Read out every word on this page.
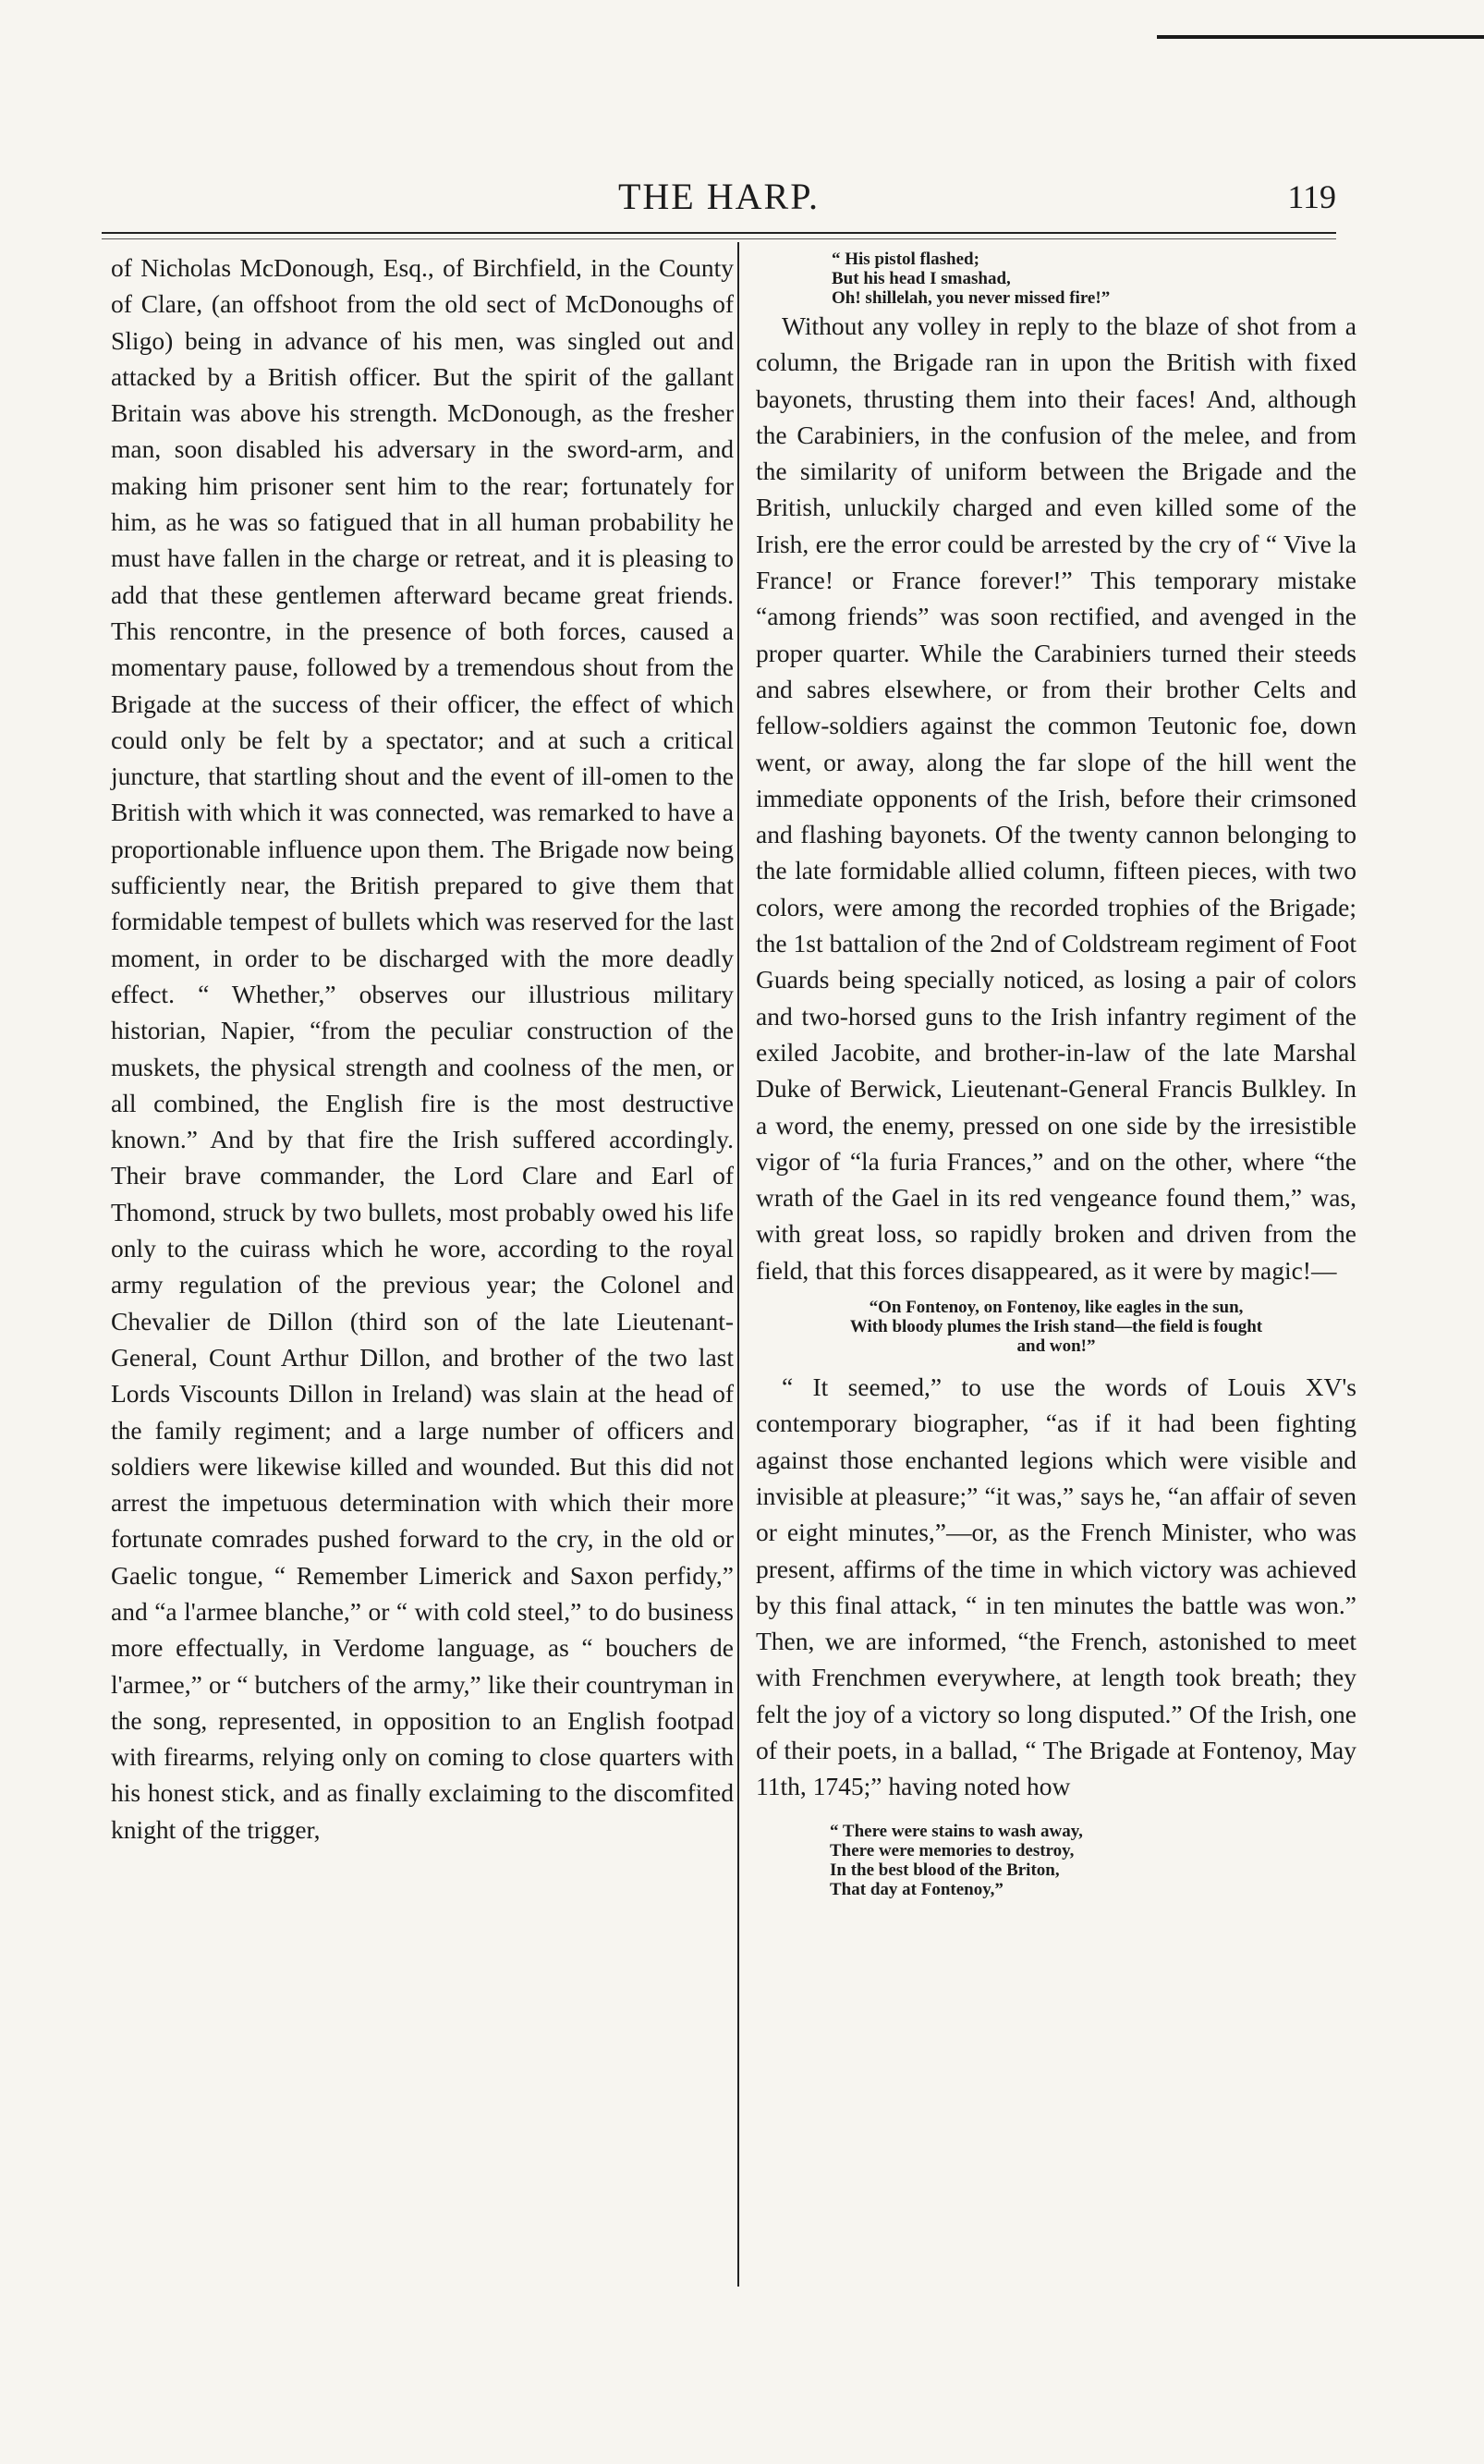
THE HARP.	119

of Nicholas McDonough, Esq., of Birchfield, in the County of Clare, (an offshoot from the old sect of McDonoughs of Sligo) being in advance of his men, was singled out and attacked by a British officer. But the spirit of the gallant Britain was above his strength. McDonough, as the fresher man, soon disabled his adversary in the sword-arm, and making him prisoner sent him to the rear; fortunately for him, as he was so fatigued that in all human probability he must have fallen in the charge or retreat, and it is pleasing to add that these gentlemen afterward became great friends. This rencontre, in the presence of both forces, caused a momentary pause, followed by a tremendous shout from the Brigade at the success of their officer, the effect of which could only be felt by a spectator; and at such a critical juncture, that startling shout and the event of ill-omen to the British with which it was connected, was remarked to have a proportionable influence upon them. The Brigade now being sufficiently near, the British prepared to give them that formidable tempest of bullets which was reserved for the last moment, in order to be discharged with the more deadly effect. “ Whether,” observes our illustrious military historian, Napier, “from the peculiar construction of the muskets, the physical strength and coolness of the men, or all combined, the English fire is the most destructive known.” And by that fire the Irish suffered accordingly. Their brave commander, the Lord Clare and Earl of Thomond, struck by two bullets, most probably owed his life only to the cuirass which he wore, according to the royal army regulation of the previous year; the Colonel and Chevalier de Dillon (third son of the late Lieutenant-General, Count Arthur Dillon, and brother of the two last Lords Viscounts Dillon in Ireland) was slain at the head of the family regiment; and a large number of officers and soldiers were likewise killed and wounded. But this did not arrest the impetuous determination with which their more fortunate comrades pushed forward to the cry, in the old or Gaelic tongue, “ Remember Limerick and Saxon perfidy,” and “a l'armee blanche,” or “ with cold steel,” to do business more effectually, in Verdome language, as “ bouchers de l'armee,” or “ butchers of the army,” like their countryman in the song, represented, in opposition to an English footpad with firearms, relying only on coming to close quarters with his honest stick, and as finally exclaiming to the discomfited knight of the trigger,

“ His pistol flashed;
But his head I smashad,
Oh! shillelah, you never missed fire!”

Without any volley in reply to the blaze of shot from a column, the Brigade ran in upon the British with fixed bayonets, thrusting them into their faces! And, although the Carabiniers, in the confusion of the melee, and from the similarity of uniform between the Brigade and the British, unluckily charged and even killed some of the Irish, ere the error could be arrested by the cry of “ Vive la France! or France forever!” This temporary mistake “among friends” was soon rectified, and avenged in the proper quarter. While the Carabiniers turned their steeds and sabres elsewhere, or from their brother Celts and fellow-soldiers against the common Teutonic foe, down went, or away, along the far slope of the hill went the immediate opponents of the Irish, before their crimsoned and flashing bayonets. Of the twenty cannon belonging to the late formidable allied column, fifteen pieces, with two colors, were among the recorded trophies of the Brigade; the 1st battalion of the 2nd of Coldstream regiment of Foot Guards being specially noticed, as losing a pair of colors and two-horsed guns to the Irish infantry regiment of the exiled Jacobite, and brother-in-law of the late Marshal Duke of Berwick, Lieutenant-General Francis Bulkley. In a word, the enemy, pressed on one side by the irresistible vigor of “la furia Frances,” and on the other, where “the wrath of the Gael in its red vengeance found them,” was, with great loss, so rapidly broken and driven from the field, that this forces disappeared, as it were by magic!—

“On Fontenoy, on Fontenoy, like eagles in the sun,
With bloody plumes the Irish stand—the field is fought
and won!”

“ It seemed,” to use the words of Louis XV's contemporary biographer, “as if it had been fighting against those enchanted legions which were visible and invisible at pleasure;” “it was,” says he, “an affair of seven or eight minutes,”—or, as the French Minister, who was present, affirms of the time in which victory was achieved by this final attack, “ in ten minutes the battle was won.” Then, we are informed, “the French, astonished to meet with Frenchmen everywhere, at length took breath; they felt the joy of a victory so long disputed.” Of the Irish, one of their poets, in a ballad, “ The Brigade at Fontenoy, May 11th, 1745;” having noted how

“ There were stains to wash away,
There were memories to destroy,
In the best blood of the Briton,
That day at Fontenoy,”
